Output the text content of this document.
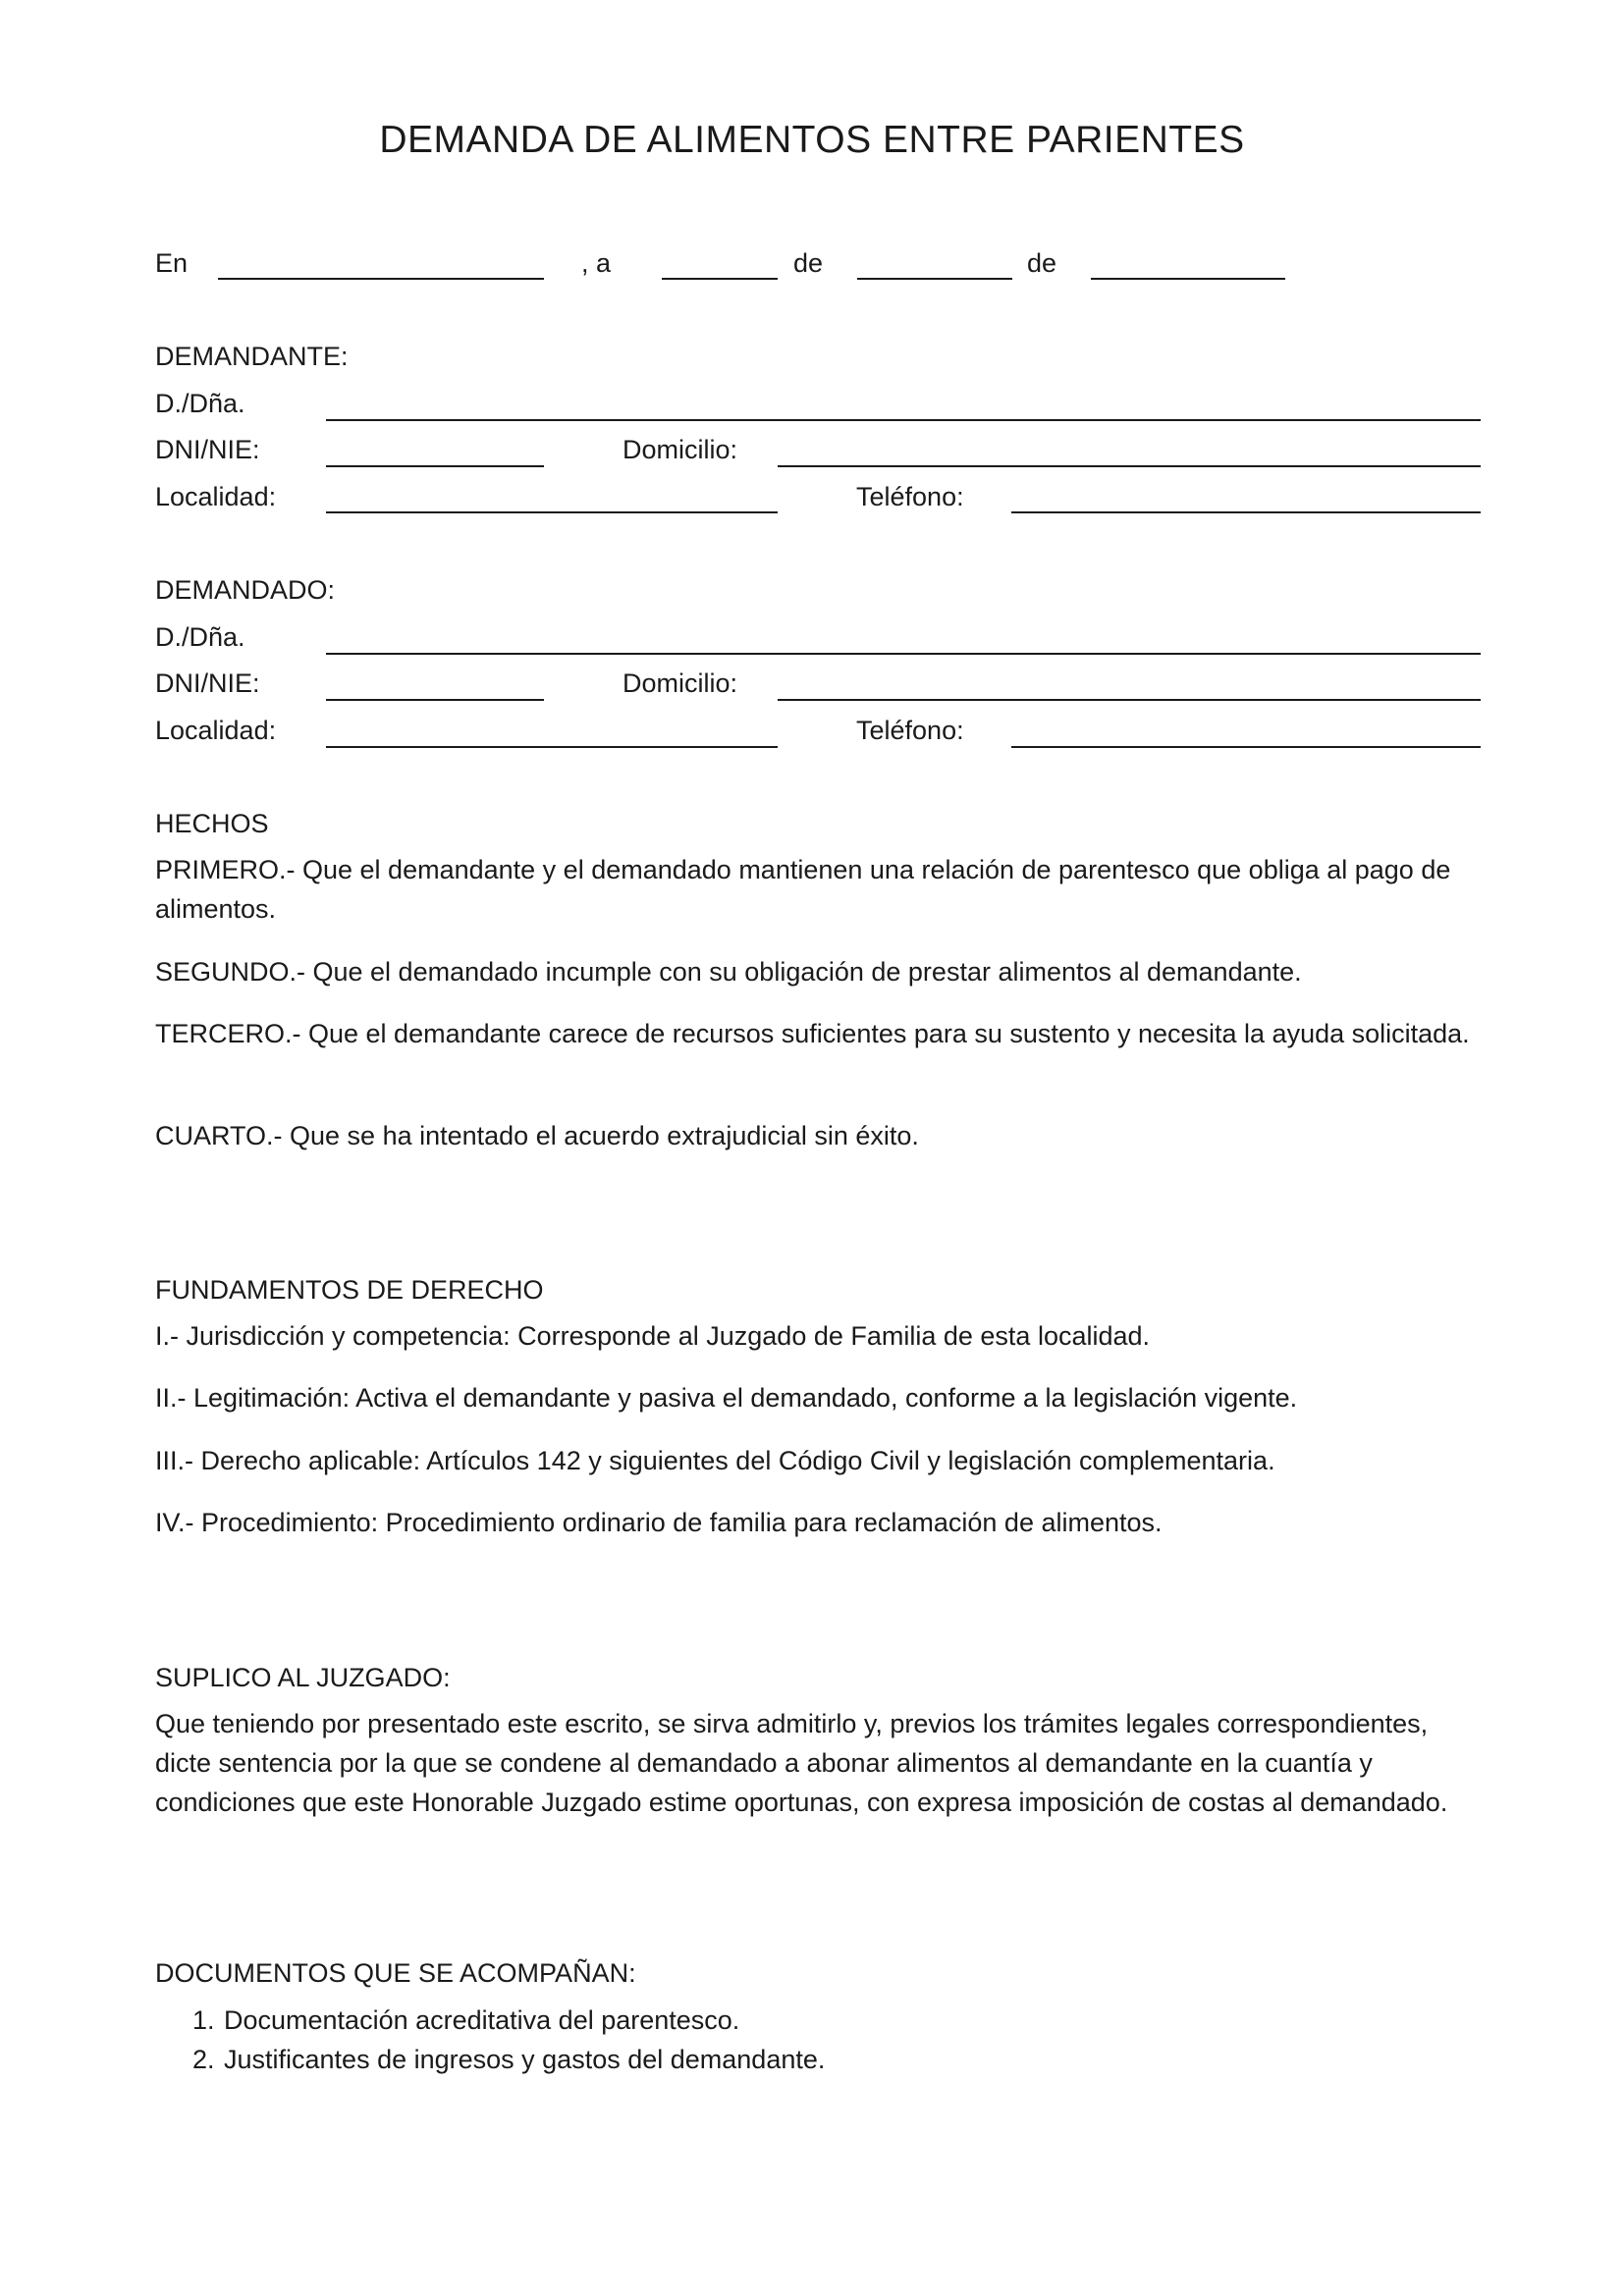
DEMANDA DE ALIMENTOS ENTRE PARIENTES
En	, a	de	de
DEMANDANTE:
D./Dña.
DNI/NIE:	Domicilio:
Localidad:	Teléfono:
DEMANDADO:
D./Dña.
DNI/NIE:	Domicilio:
Localidad:	Teléfono:
HECHOS

PRIMERO.- Que el demandante y el demandado mantienen una relación de parentesco que obliga al pago de alimentos.

SEGUNDO.- Que el demandado incumple con su obligación de prestar alimentos al demandante.

TERCERO.- Que el demandante carece de recursos suficientes para su sustento y necesita la ayuda solicitada.

CUARTO.- Que se ha intentado el acuerdo extrajudicial sin éxito.

FUNDAMENTOS DE DERECHO

I.- Jurisdicción y competencia: Corresponde al Juzgado de Familia de esta localidad.

II.- Legitimación: Activa el demandante y pasiva el demandado, conforme a la legislación vigente.

III.- Derecho aplicable: Artículos 142 y siguientes del Código Civil y legislación complementaria.

IV.- Procedimiento: Procedimiento ordinario de familia para reclamación de alimentos.

SUPLICO AL JUZGADO:

Que teniendo por presentado este escrito, se sirva admitirlo y, previos los trámites legales correspondientes, dicte sentencia por la que se condene al demandado a abonar alimentos al demandante en la cuantía y condiciones que este Honorable Juzgado estime oportunas, con expresa imposición de costas al demandado.

DOCUMENTOS QUE SE ACOMPAÑAN:
1. Documentación acreditativa del parentesco.
2. Justificantes de ingresos y gastos del demandante.
